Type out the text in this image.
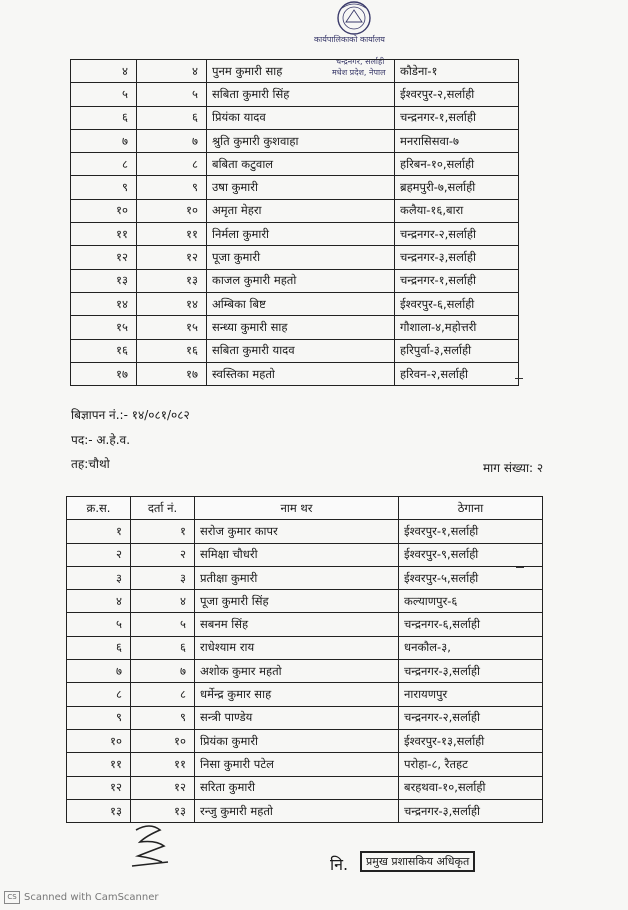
कार्यपालिकाको कार्यालय
चन्द्रनगर, सर्लाही
मधेश प्रदेश, नेपाल
४	४	पुनम कुमारी साह	कौडेना-१
५	५	सबिता कुमारी सिंह	ईश्वरपुर-२,सर्लाही
६	६	प्रियंका यादव	चन्द्रनगर-१,सर्लाही
७	७	श्रुति कुमारी कुशवाहा	मनरासिसवा-७
८	८	बबिता कटुवाल	हरिबन-१०,सर्लाही
९	९	उषा कुमारी	ब्रहमपुरी-७,सर्लाही
१०	१०	अमृता मेहरा	कलैया-१६,बारा
११	११	निर्मला कुमारी	चन्द्रनगर-२,सर्लाही
१२	१२	पूजा कुमारी	चन्द्रनगर-३,सर्लाही
१३	१३	काजल कुमारी महतो	चन्द्रनगर-१,सर्लाही
१४	१४	अम्बिका बिष्ट	ईश्वरपुर-६,सर्लाही
१५	१५	सन्ध्या कुमारी साह	गौशाला-४,महोत्तरी
१६	१६	सबिता कुमारी यादव	हरिपुर्वा-३,सर्लाही
१७	१७	स्वस्तिका महतो	हरिवन-२,सर्लाही
बिज्ञापन नं.:- १४/०८१/०८२
पद:- अ.हे.व.
तह:चौथो	माग संख्या: २
क्र.स.	दर्ता नं.	नाम थर	ठेगाना
१	१	सरोज कुमार कापर	ईश्वरपुर-१,सर्लाही
२	२	समिक्षा चौधरी	ईश्वरपुर-९,सर्लाही
३	३	प्रतीक्षा कुमारी	ईश्वरपुर-५,सर्लाही
४	४	पूजा कुमारी सिंह	कल्याणपुर-६
५	५	सबनम सिंह	चन्द्रनगर-६,सर्लाही
६	६	राधेश्याम राय	धनकौल-३,
७	७	अशोक कुमार महतो	चन्द्रनगर-३,सर्लाही
८	८	धर्मेन्द्र कुमार साह	नारायणपुर
९	९	सन्त्री पाण्डेय	चन्द्रनगर-२,सर्लाही
१०	१०	प्रियंका कुमारी	ईश्वरपुर-१३,सर्लाही
११	११	निसा कुमारी पटेल	परोहा-८, रैतहट
१२	१२	सरिता कुमारी	बरहथवा-१०,सर्लाही
१३	१३	रन्जु कुमारी महतो	चन्द्रनगर-३,सर्लाही
नि.	प्रमुख प्रशासकिय अधिकृत
CS Scanned with CamScanner
